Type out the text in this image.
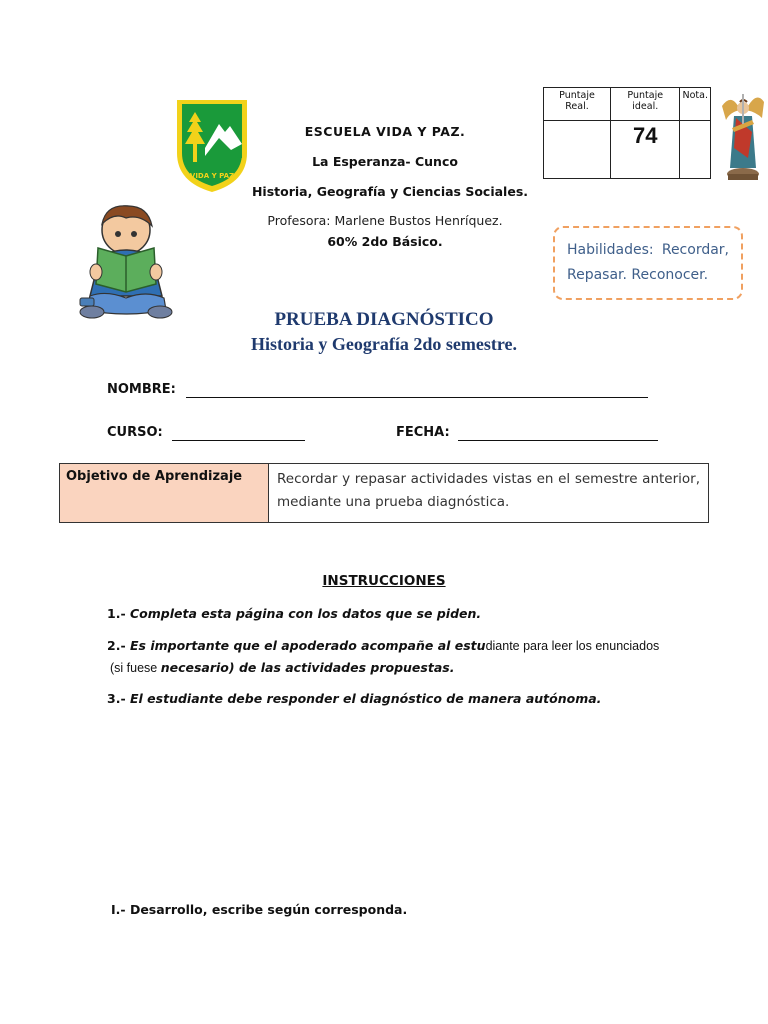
VIDA Y PAZ
ESCUELA VIDA Y PAZ.
La Esperanza- Cunco
Historia, Geografía y Ciencias Sociales.
Profesora: Marlene Bustos Henríquez.
60% 2do Básico.
Puntaje Real.	Puntaje ideal.	Nota.
	74	
Habilidades: Recordar, Repasar. Reconocer.
PRUEBA DIAGNÓSTICO
Historia y Geografía 2do semestre.
NOMBRE:
CURSO:	FECHA:
Objetivo de Aprendizaje	Recordar y repasar actividades vistas en el semestre anterior, mediante una prueba diagnóstica.
INSTRUCCIONES
1.- Completa esta página con los datos que se piden.
2.- Es importante que el apoderado acompañe al estudiante para leer los enunciados
(si fuese necesario) de las actividades propuestas.
3.- El estudiante debe responder el diagnóstico de manera autónoma.
I.- Desarrollo, escribe según corresponda.
